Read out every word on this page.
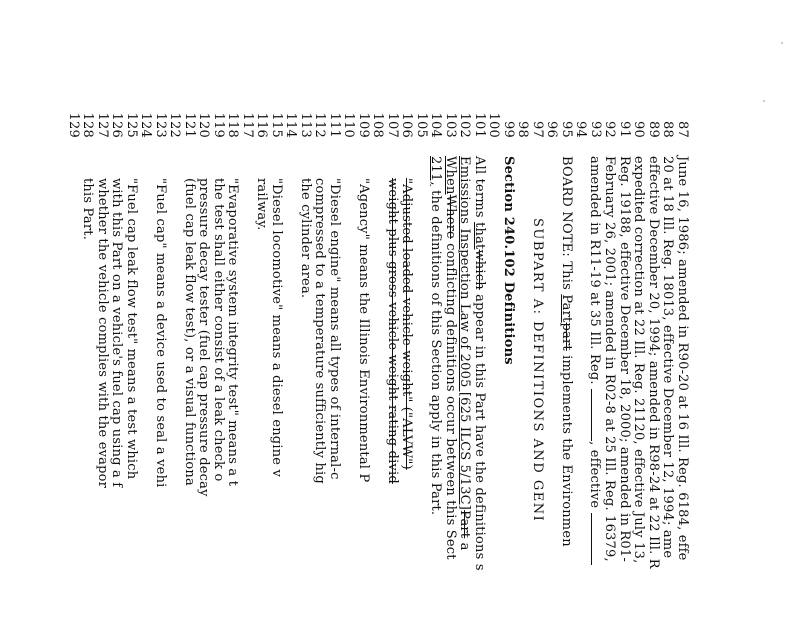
87
88
89
90
91
92
93
94
95
96
97
98
99
100
101
102
103
104
105
106
107
108
109
110
111
112
113
114
115
116
117
118
119
120
121
122
123
124
125
126
127
128
129
June 16, 1986; amended in R90-20 at 16 Ill. Reg. 6184, effe
20 at 18 Ill. Reg. 18013, effective December 12, 1994; ame
effective December 20, 1994; amended in R98-24 at 22 Ill. R
expedited correction at 22 Ill. Reg. 21120, effective July 13,
Reg. 19188, effective December 18, 2000; amended in R01-
February 26, 2001; amended in R02-8 at 25 Ill. Reg. 16379,
amended in R11-19 at 35 Ill. Reg. , effective
BOARD NOTE: This Partpart implements the Environmen
SUBPART A: DEFINITIONS AND GENI
Section 240.102 Definitions
All terms thatwhich appear in this Part have the definitions s
Emissions Inspection Law of 2005 [625 ILCS 5/13C]Part a
WhenWhere conflicting definitions occur between this Sect
211, the definitions of this Section apply in this Part.
"Adjusted loaded vehicle weight" ("ALVW")
weight plus gross vehicle weight rating divid
"Agency" means the Illinois Environmental P
"Diesel engine" means all types of internal-c
compressed to a temperature sufficiently hig
the cylinder area.
"Diesel locomotive" means a diesel engine v
railway.
"Evaporative system integrity test" means a t
the test shall either consist of a leak check o
pressure decay tester (fuel cap pressure decay
(fuel cap leak flow test), or a visual functiona
"Fuel cap" means a device used to seal a vehi
"Fuel cap leak flow test" means a test which
with this Part on a vehicle's fuel cap using a f
whether the vehicle complies with the evapor
this Part.
